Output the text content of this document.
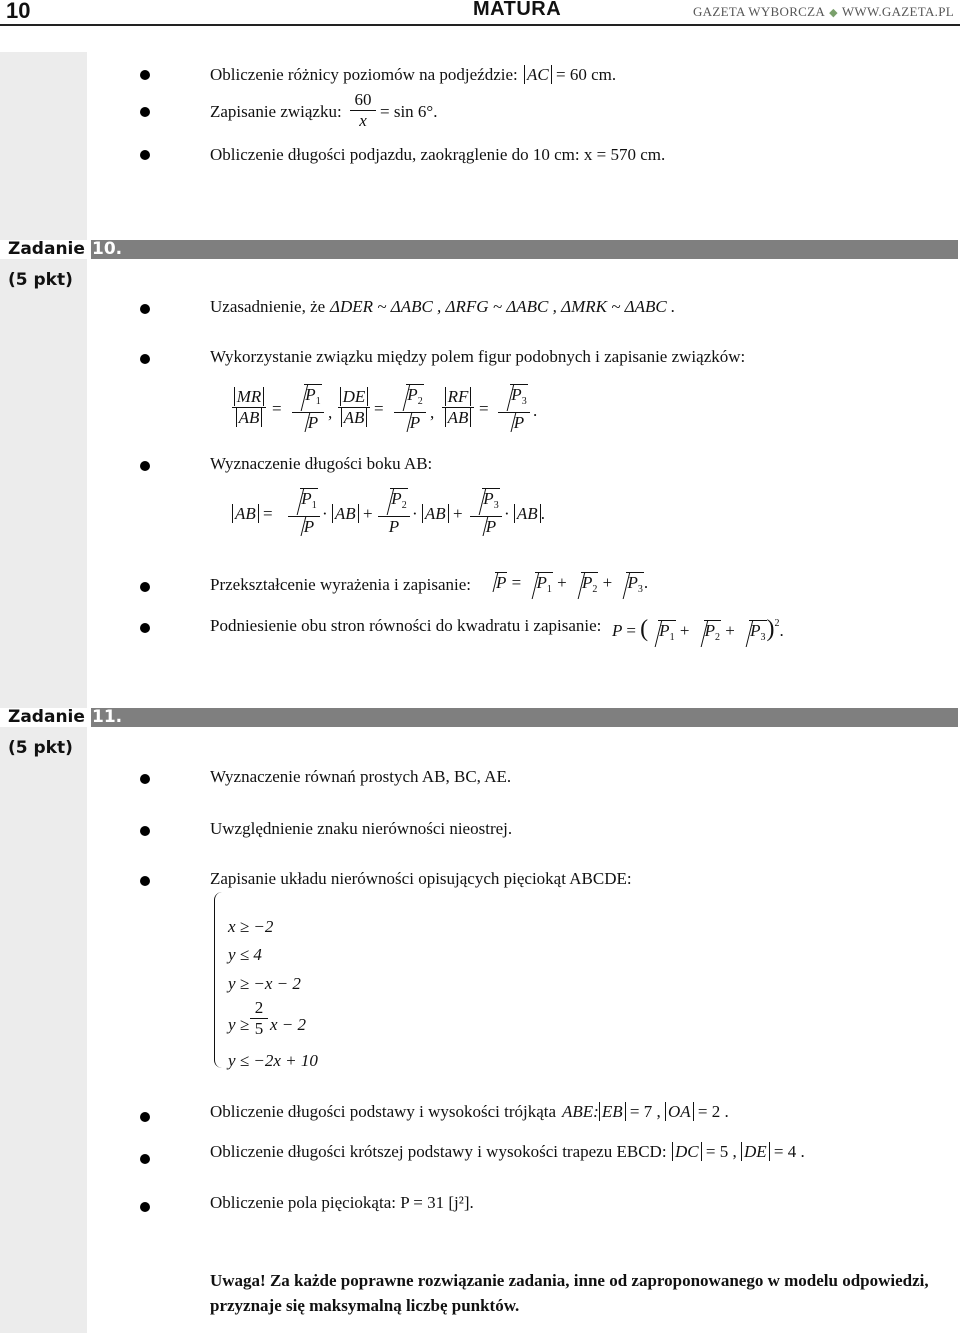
10	MATURA	GAZETA WYBORCZA ◆ WWW.GAZETA.PL
Obliczenie różnicy poziomów na podjeździe: AC = 60 cm.
Zapisanie związku: $\frac{60}{x} = \sin 6^\circ$.
Obliczenie długości podjazdu, zaokrąglenie do 10 cm: x = 570 cm.
Zadanie 10.
(5 pkt)
Uzasadnienie, że ΔDER ~ ΔABC , ΔRFG ~ ΔABC , ΔMRK ~ ΔABC .
Wykorzystanie związku między polem figur podobnych i zapisanie związków:
$\frac{MR}{AB} = \frac{P_1}{P}$ , $\frac{DE}{AB} = \frac{P_2}{P}$ , $\frac{RF}{AB} = \frac{P_3}{P}$ .
Wyznaczenie długości boku AB:
AB = $\frac{P_1}{P}$ · AB + $\frac{P_2}{P}$ · AB + $\frac{P_3}{P}$ · AB .
Przekształcenie wyrażenia i zapisanie:	$P = P_1 + P_2 + P_3$.
Podniesienie obu stron równości do kwadratu i zapisanie: P = ( $P_1 + P_2 + P_3)^2$.
Zadanie 11.
(5 pkt)
Wyznaczenie równań prostych AB, BC, AE.
Uwzględnienie znaku nierówności nieostrej.
Zapisanie układu nierówności opisujących pięciokąt ABCDE:
x ≥ −2
y ≤ 4
y ≥ −x − 2
$y \ge \frac{2}{5}$ x − 2
y ≤ −2x + 10
Obliczenie długości podstawy i wysokości trójkąta ABE: EB = 7 , OA = 2 .
Obliczenie długości krótszej podstawy i wysokości trapezu EBCD: DC = 5 , DE = 4 .
Obliczenie pola pięciokąta: P = 31 [j²].
Uwaga! Za każde poprawne rozwiązanie zadania, inne od zaproponowanego w modelu odpowiedzi,
przyznaje się maksymalną liczbę punktów.
